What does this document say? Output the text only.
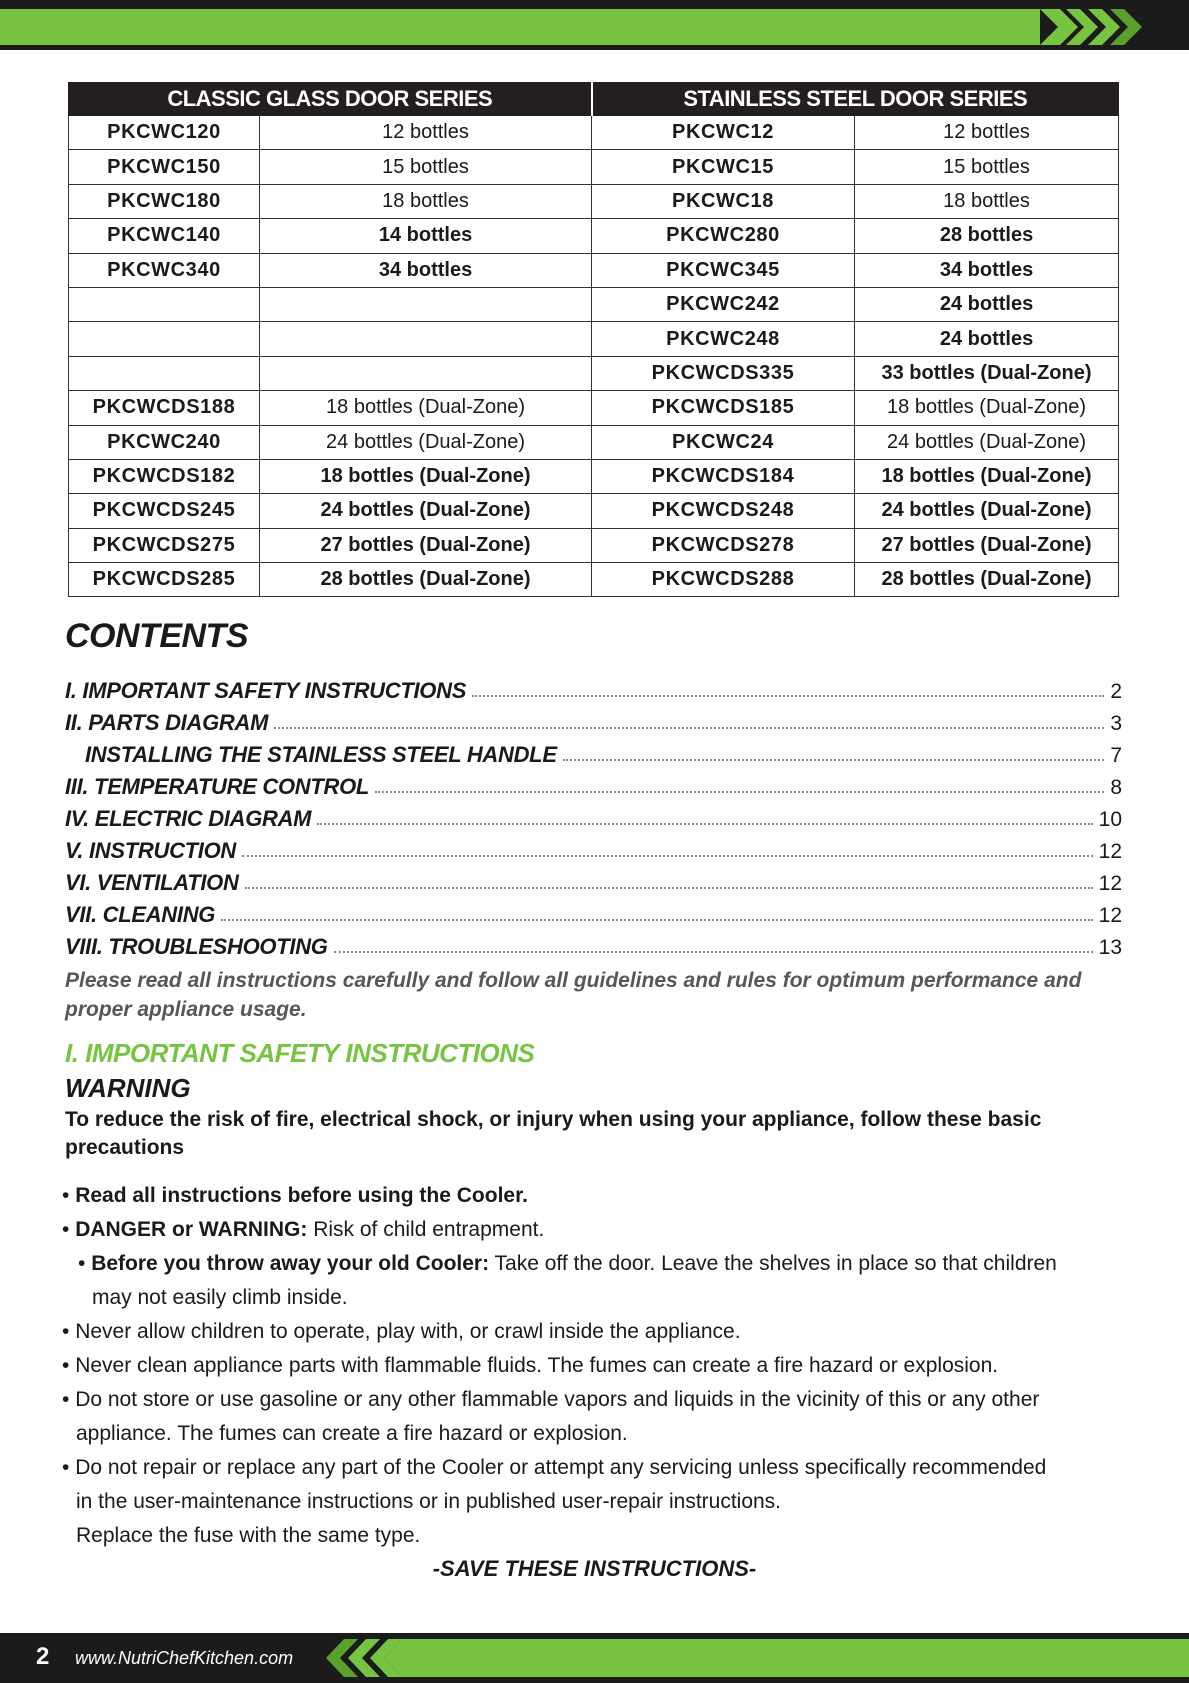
CLASSIC GLASS DOOR SERIES		STAINLESS STEEL DOOR SERIES	
PKCWC120	12 bottles	PKCWC12	12 bottles
PKCWC150	15 bottles	PKCWC15	15 bottles
PKCWC180	18 bottles	PKCWC18	18 bottles
PKCWC140	14 bottles	PKCWC280	28 bottles
PKCWC340	34 bottles	PKCWC345	34 bottles
		PKCWC242	24 bottles
		PKCWC248	24 bottles
		PKCWCDS335	33 bottles (Dual-Zone)
PKCWCDS188	18 bottles (Dual-Zone)	PKCWCDS185	18 bottles (Dual-Zone)
PKCWC240	24 bottles (Dual-Zone)	PKCWC24	24 bottles (Dual-Zone)
PKCWCDS182	18 bottles (Dual-Zone)	PKCWCDS184	18 bottles (Dual-Zone)
PKCWCDS245	24 bottles (Dual-Zone)	PKCWCDS248	24 bottles (Dual-Zone)
PKCWCDS275	27 bottles (Dual-Zone)	PKCWCDS278	27 bottles (Dual-Zone)
PKCWCDS285	28 bottles (Dual-Zone)	PKCWCDS288	28 bottles (Dual-Zone)
CONTENTS
I. IMPORTANT SAFETY INSTRUCTIONS	2
II. PARTS DIAGRAM	3
INSTALLING THE STAINLESS STEEL HANDLE	7
III. TEMPERATURE CONTROL	8
IV. ELECTRIC DIAGRAM	10
V. INSTRUCTION	12
VI. VENTILATION	12
VII. CLEANING	12
VIII. TROUBLESHOOTING	13

Please read all instructions carefully and follow all guidelines and rules for optimum performance and proper appliance usage.

I. IMPORTANT SAFETY INSTRUCTIONS
WARNING

To reduce the risk of fire, electrical shock, or injury when using your appliance, follow these basic precautions

• Read all instructions before using the Cooler.
• DANGER or WARNING: Risk of child entrapment.
• Before you throw away your old Cooler: Take off the door. Leave the shelves in place so that children
may not easily climb inside.
• Never allow children to operate, play with, or crawl inside the appliance.
• Never clean appliance parts with flammable fluids. The fumes can create a fire hazard or explosion.
• Do not store or use gasoline or any other flammable vapors and liquids in the vicinity of this or any other
appliance. The fumes can create a fire hazard or explosion.
• Do not repair or replace any part of the Cooler or attempt any servicing unless specifically recommended
in the user-maintenance instructions or in published user-repair instructions.
Replace the fuse with the same type.

-SAVE THESE INSTRUCTIONS-

2 www.NutriChefKitchen.com
